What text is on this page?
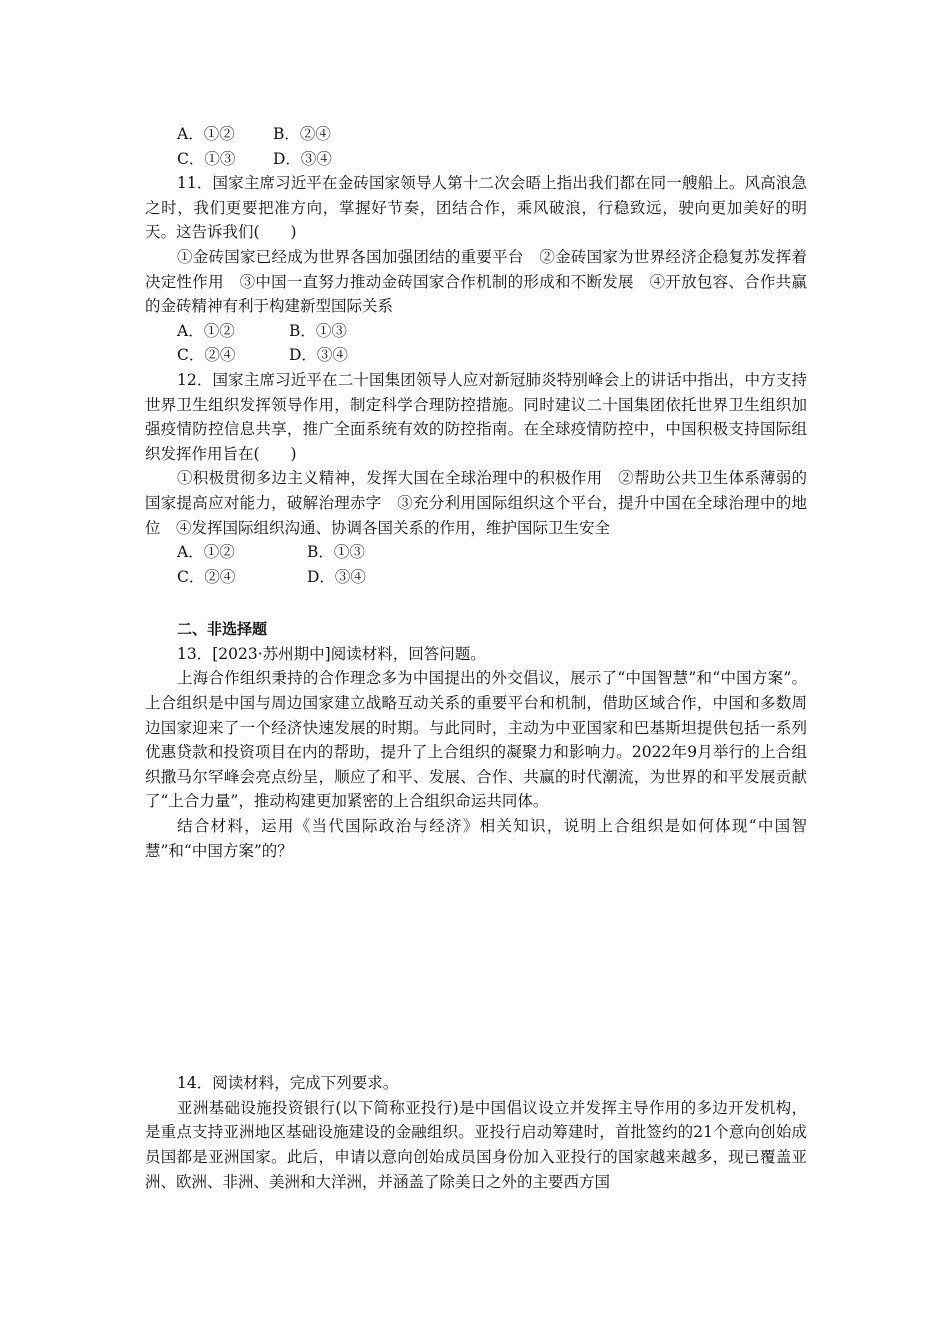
A．①② B．②④

C．①③ D．③④

11．国家主席习近平在金砖国家领导人第十二次会晤上指出我们都在同一艘船上。风高浪急之时，我们更要把准方向，掌握好节奏，团结合作，乘风破浪，行稳致远，驶向更加美好的明天。这告诉我们(　　)

①金砖国家已经成为世界各国加强团结的重要平台　②金砖国家为世界经济企稳复苏发挥着决定性作用　③中国一直努力推动金砖国家合作机制的形成和不断发展　④开放包容、合作共赢的金砖精神有利于构建新型国际关系

A．①②	B．①③

C．②④	D．③④

12．国家主席习近平在二十国集团领导人应对新冠肺炎特别峰会上的讲话中指出，中方支持世界卫生组织发挥领导作用，制定科学合理防控措施。同时建议二十国集团依托世界卫生组织加强疫情防控信息共享，推广全面系统有效的防控指南。在全球疫情防控中，中国积极支持国际组织发挥作用旨在(　　)

①积极贯彻多边主义精神，发挥大国在全球治理中的积极作用　②帮助公共卫生体系薄弱的国家提高应对能力，破解治理赤字　③充分利用国际组织这个平台，提升中国在全球治理中的地位　④发挥国际组织沟通、协调各国关系的作用，维护国际卫生安全

A．①②	B．①③

C．②④	D．③④

二、非选择题

13．[2023·苏州期中]阅读材料，回答问题。

上海合作组织秉持的合作理念多为中国提出的外交倡议，展示了“中国智慧”和“中国方案”。上合组织是中国与周边国家建立战略互动关系的重要平台和机制，借助区域合作，中国和多数周边国家迎来了一个经济快速发展的时期。与此同时，主动为中亚国家和巴基斯坦提供包括一系列优惠贷款和投资项目在内的帮助，提升了上合组织的凝聚力和影响力。2022年9月举行的上合组织撒马尔罕峰会亮点纷呈，顺应了和平、发展、合作、共赢的时代潮流，为世界的和平发展贡献了“上合力量”，推动构建更加紧密的上合组织命运共同体。

结合材料，运用《当代国际政治与经济》相关知识，说明上合组织是如何体现“中国智慧”和“中国方案”的？

14．阅读材料，完成下列要求。

亚洲基础设施投资银行(以下简称亚投行)是中国倡议设立并发挥主导作用的多边开发机构，是重点支持亚洲地区基础设施建设的金融组织。亚投行启动筹建时，首批签约的21个意向创始成员国都是亚洲国家。此后，申请以意向创始成员国身份加入亚投行的国家越来越多，现已覆盖亚洲、欧洲、非洲、美洲和大洋洲，并涵盖了除美日之外的主要西方国
